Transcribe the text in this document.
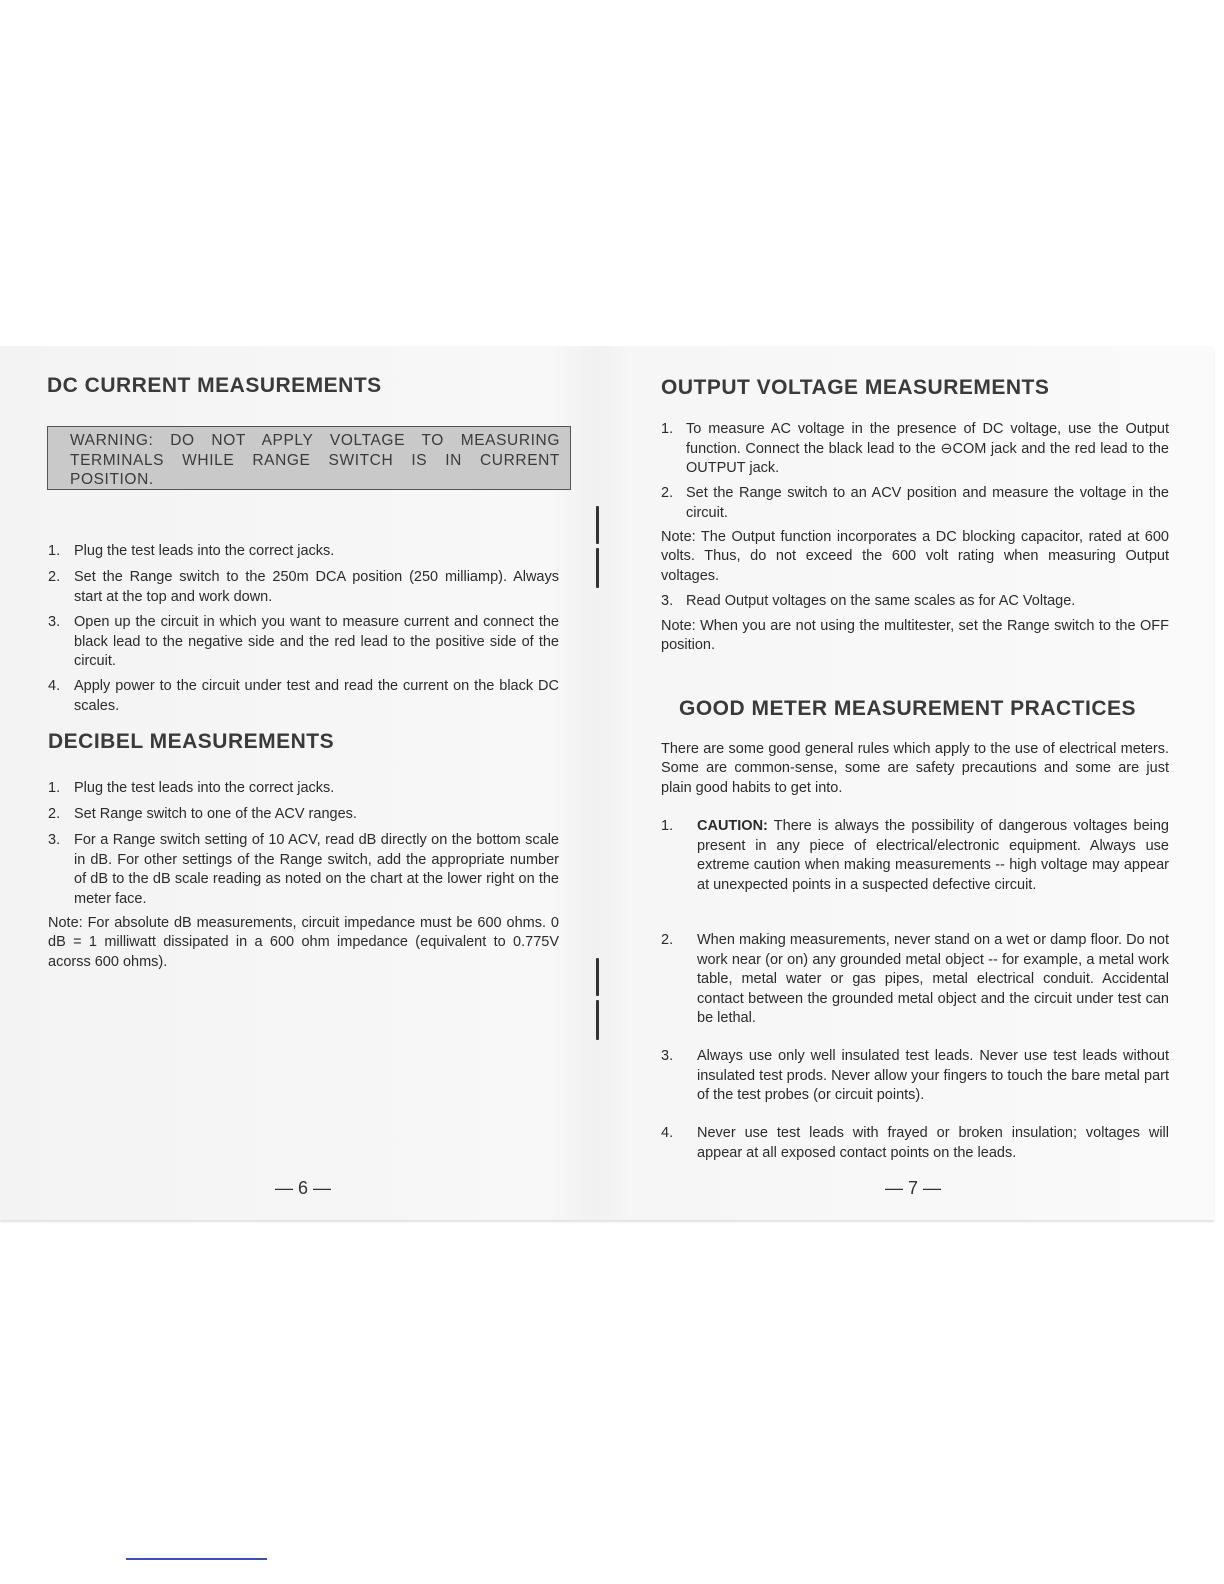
DC CURRENT MEASUREMENTS
WARNING: DO NOT APPLY VOLTAGE TO MEASURING TERMINALS WHILE RANGE SWITCH IS IN CURRENT POSITION.
1. Plug the test leads into the correct jacks.
2. Set the Range switch to the 250m DCA position (250 milliamp). Always start at the top and work down.
3. Open up the circuit in which you want to measure current and connect the black lead to the negative side and the red lead to the positive side of the circuit.
4. Apply power to the circuit under test and read the current on the black DC scales.
DECIBEL MEASUREMENTS
1. Plug the test leads into the correct jacks.
2. Set Range switch to one of the ACV ranges.
3. For a Range switch setting of 10 ACV, read dB directly on the bottom scale in dB. For other settings of the Range switch, add the appropriate number of dB to the dB scale reading as noted on the chart at the lower right on the meter face.
Note: For absolute dB measurements, circuit impedance must be 600 ohms. 0 dB = 1 milliwatt dissipated in a 600 ohm impedance (equivalent to 0.775V acorss 600 ohms).
— 6 —
OUTPUT VOLTAGE MEASUREMENTS
1. To measure AC voltage in the presence of DC voltage, use the Output function. Connect the black lead to the ⊖COM jack and the red lead to the OUTPUT jack.
2. Set the Range switch to an ACV position and measure the voltage in the circuit.
Note: The Output function incorporates a DC blocking capacitor, rated at 600 volts. Thus, do not exceed the 600 volt rating when measuring Output voltages.
3. Read Output voltages on the same scales as for AC Voltage.
Note: When you are not using the multitester, set the Range switch to the OFF position.
GOOD METER MEASUREMENT PRACTICES
There are some good general rules which apply to the use of electrical meters. Some are common-sense, some are safety precautions and some are just plain good habits to get into.
1. CAUTION: There is always the possibility of dangerous voltages being present in any piece of electrical/electronic equipment. Always use extreme caution when making measurements -- high voltage may appear at unexpected points in a suspected defective circuit.
2. When making measurements, never stand on a wet or damp floor. Do not work near (or on) any grounded metal object -- for example, a metal work table, metal water or gas pipes, metal electrical conduit. Accidental contact between the grounded metal object and the circuit under test can be lethal.
3. Always use only well insulated test leads. Never use test leads without insulated test prods. Never allow your fingers to touch the bare metal part of the test probes (or circuit points).
4. Never use test leads with frayed or broken insulation; voltages will appear at all exposed contact points on the leads.
— 7 —
